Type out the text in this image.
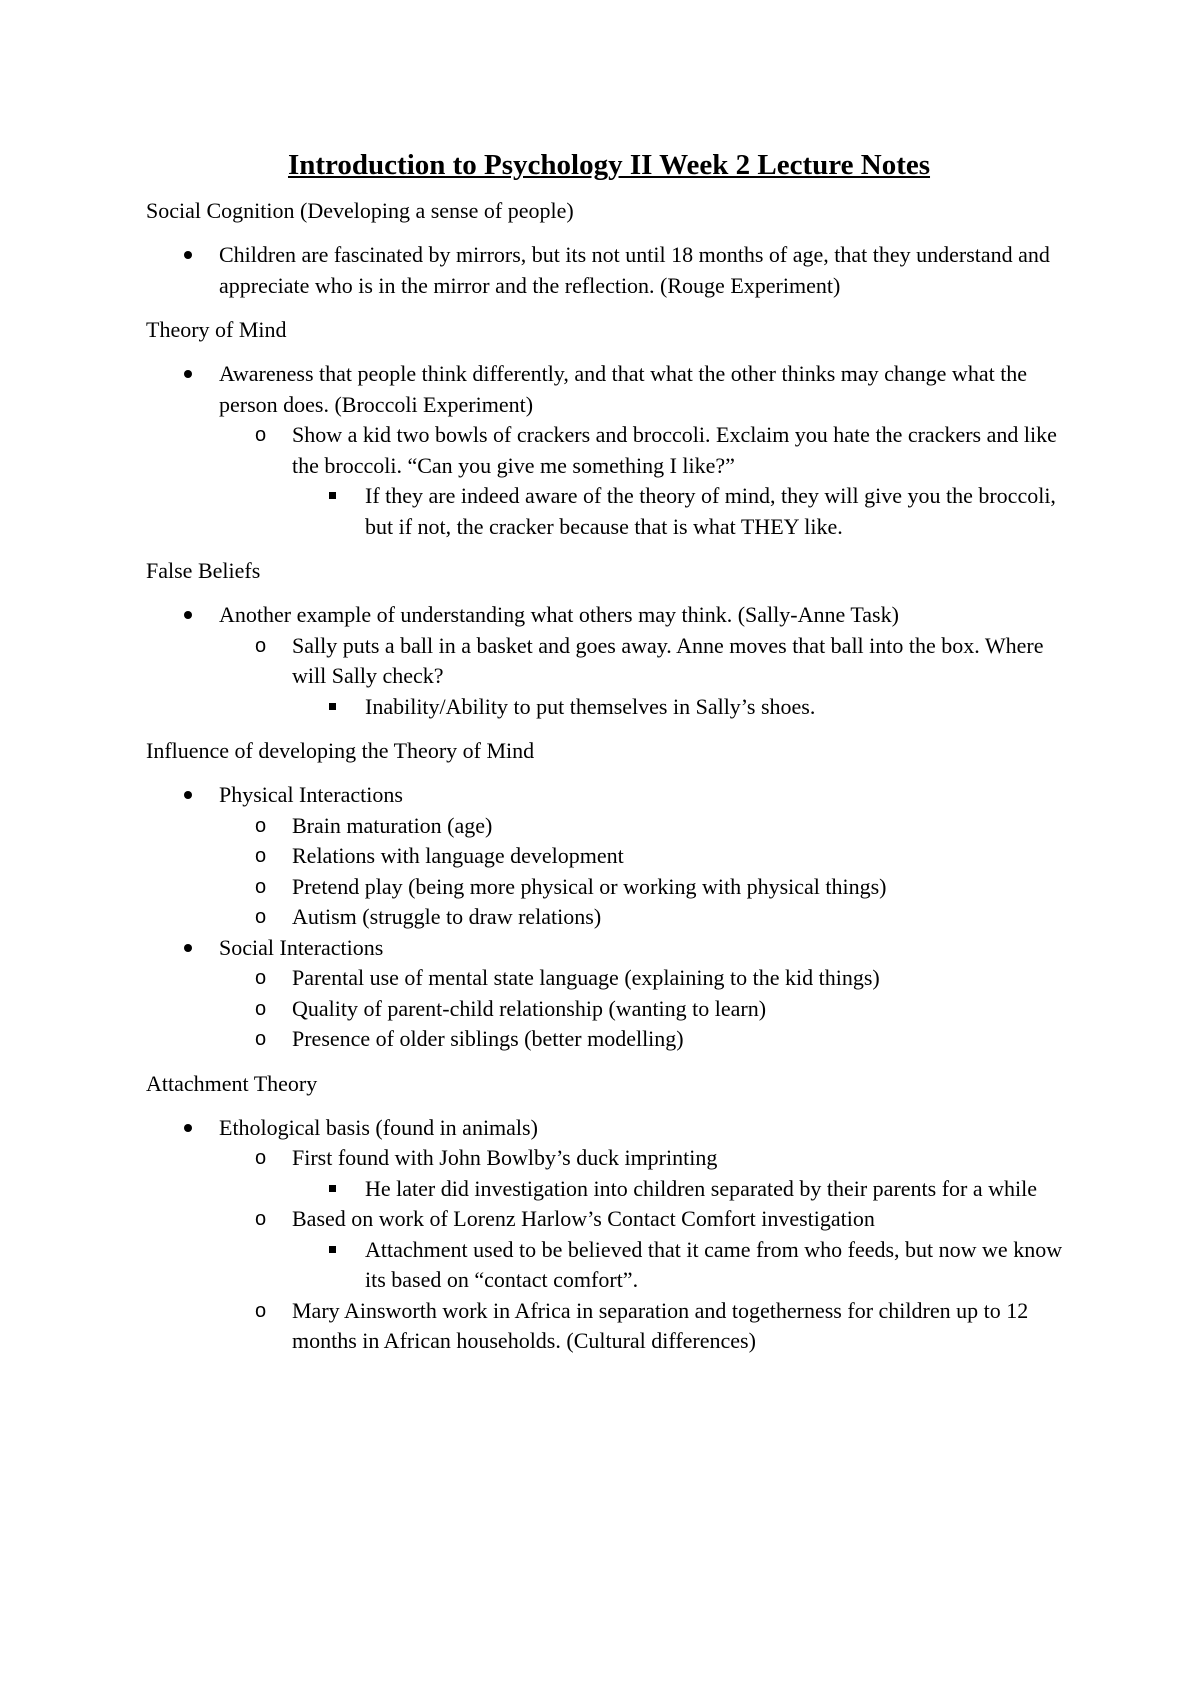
Introduction to Psychology II Week 2 Lecture Notes
Social Cognition (Developing a sense of people)
Children are fascinated by mirrors, but its not until 18 months of age, that they understand and appreciate who is in the mirror and the reflection. (Rouge Experiment)
Theory of Mind
Awareness that people think differently, and that what the other thinks may change what the person does. (Broccoli Experiment)
o Show a kid two bowls of crackers and broccoli. Exclaim you hate the crackers and like the broccoli. “Can you give me something I like?”
If they are indeed aware of the theory of mind, they will give you the broccoli, but if not, the cracker because that is what THEY like.
False Beliefs
Another example of understanding what others may think. (Sally-Anne Task)
o Sally puts a ball in a basket and goes away. Anne moves that ball into the box. Where will Sally check?
Inability/Ability to put themselves in Sally’s shoes.
Influence of developing the Theory of Mind
Physical Interactions
o Brain maturation (age)
o Relations with language development
o Pretend play (being more physical or working with physical things)
o Autism (struggle to draw relations)
Social Interactions
o Parental use of mental state language (explaining to the kid things)
o Quality of parent-child relationship (wanting to learn)
o Presence of older siblings (better modelling)
Attachment Theory
Ethological basis (found in animals)
o First found with John Bowlby’s duck imprinting
He later did investigation into children separated by their parents for a while
o Based on work of Lorenz Harlow’s Contact Comfort investigation
Attachment used to be believed that it came from who feeds, but now we know its based on “contact comfort”.
o Mary Ainsworth work in Africa in separation and togetherness for children up to 12 months in African households. (Cultural differences)
